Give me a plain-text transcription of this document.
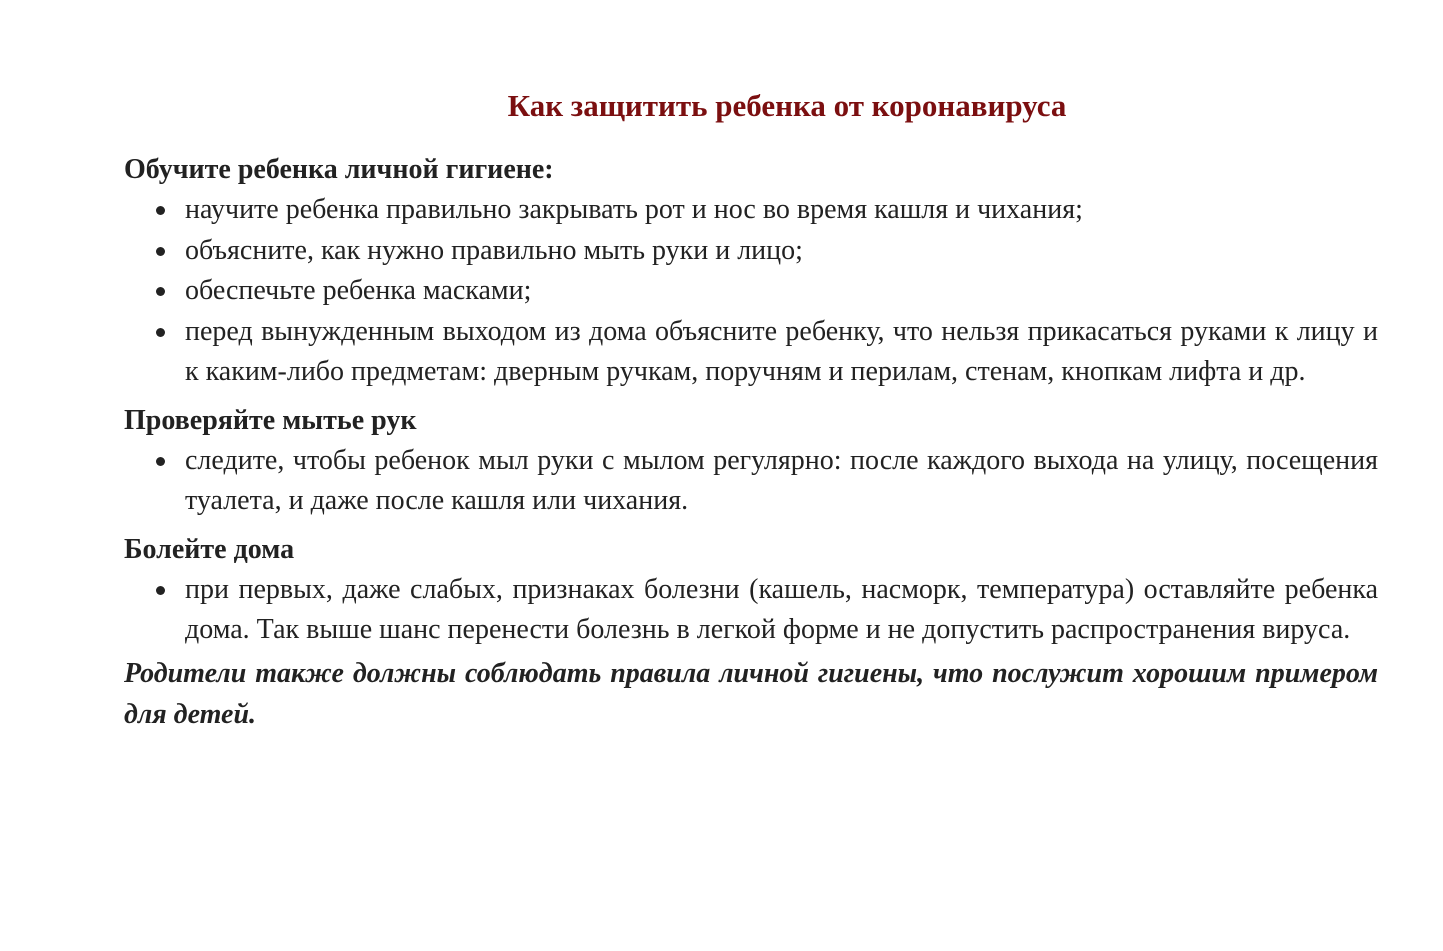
Как защитить ребенка от коронавируса
Обучите ребенка личной гигиене:
научите ребенка правильно закрывать рот и нос во время кашля и чихания;
объясните, как нужно правильно мыть руки и лицо;
обеспечьте ребенка масками;
перед вынужденным выходом из дома объясните ребенку, что нельзя прикасаться руками к лицу и к каким-либо предметам: дверным ручкам, поручням и перилам, стенам, кнопкам лифта и др.
Проверяйте мытье рук
следите, чтобы ребенок мыл руки с мылом регулярно: после каждого выхода на улицу, посещения туалета, и даже после кашля или чихания.
Болейте дома
при первых, даже слабых, признаках болезни (кашель, насморк, температура) оставляйте ребенка дома. Так выше шанс перенести болезнь в легкой форме и не допустить распространения вируса.

Родители также должны соблюдать правила личной гигиены, что послужит хорошим примером для детей.
